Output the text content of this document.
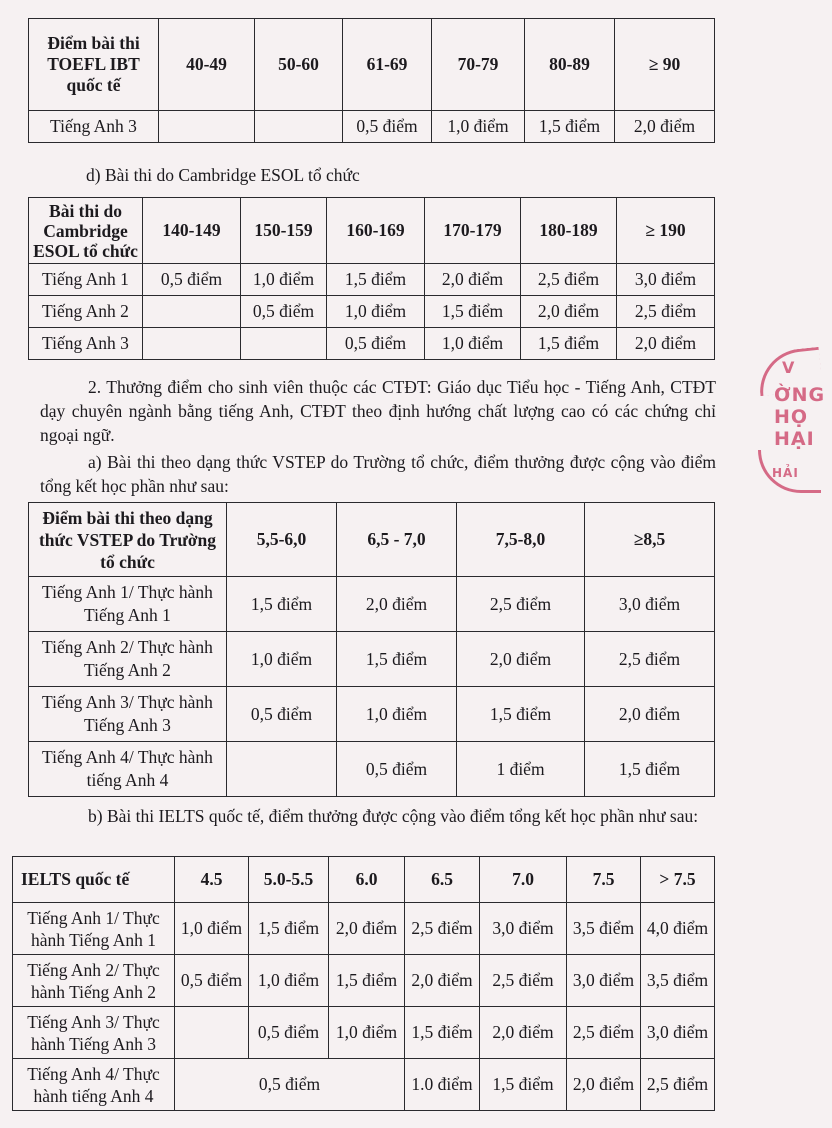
Điểm bài thi TOEFL IBT quốc tế	40-49	50-60	61-69	70-79	80-89	≥ 90
Tiếng Anh 3			0,5 điểm	1,0 điểm	1,5 điểm	2,0 điểm
d) Bài thi do Cambridge ESOL tổ chức
Bài thi do Cambridge ESOL tổ chức	140-149	150-159	160-169	170-179	180-189	≥ 190
Tiếng Anh 1	0,5 điểm	1,0 điểm	1,5 điểm	2,0 điểm	2,5 điểm	3,0 điểm
Tiếng Anh 2		0,5 điểm	1,0 điểm	1,5 điểm	2,0 điểm	2,5 điểm
Tiếng Anh 3			0,5 điểm	1,0 điểm	1,5 điểm	2,0 điểm
2. Thưởng điểm cho sinh viên thuộc các CTĐT: Giáo dục Tiểu học - Tiếng Anh, CTĐT dạy chuyên ngành bằng tiếng Anh, CTĐT theo định hướng chất lượng cao có các chứng chỉ ngoại ngữ.
a) Bài thi theo dạng thức VSTEP do Trường tổ chức, điểm thưởng được cộng vào điểm tổng kết học phần như sau:
Điểm bài thi theo dạng thức VSTEP do Trường tổ chức	5,5-6,0	6,5 - 7,0	7,5-8,0	≥8,5
Tiếng Anh 1/ Thực hành Tiếng Anh 1	1,5 điểm	2,0 điểm	2,5 điểm	3,0 điểm
Tiếng Anh 2/ Thực hành Tiếng Anh 2	1,0 điểm	1,5 điểm	2,0 điểm	2,5 điểm
Tiếng Anh 3/ Thực hành Tiếng Anh 3	0,5 điểm	1,0 điểm	1,5 điểm	2,0 điểm
Tiếng Anh 4/ Thực hành tiếng Anh 4		0,5 điểm	1 điểm	1,5 điểm
b) Bài thi IELTS quốc tế, điểm thưởng được cộng vào điểm tổng kết học phần như sau:
IELTS quốc tế	4.5	5.0-5.5	6.0	6.5	7.0	7.5	> 7.5
Tiếng Anh 1/ Thực hành Tiếng Anh 1	1,0 điểm	1,5 điểm	2,0 điểm	2,5 điểm	3,0 điểm	3,5 điểm	4,0 điểm
Tiếng Anh 2/ Thực hành Tiếng Anh 2	0,5 điểm	1,0 điểm	1,5 điểm	2,0 điểm	2,5 điểm	3,0 điểm	3,5 điểm
Tiếng Anh 3/ Thực hành Tiếng Anh 3		0,5 điểm	1,0 điểm	1,5 điểm	2,0 điểm	2,5 điểm	3,0 điểm
Tiếng Anh 4/ Thực hành tiếng Anh 4	0,5 điểm			1.0 điểm	1,5 điểm	2,0 điểm	2,5 điểm
V
ỜNG
HỌ
HẠI
HẢI
